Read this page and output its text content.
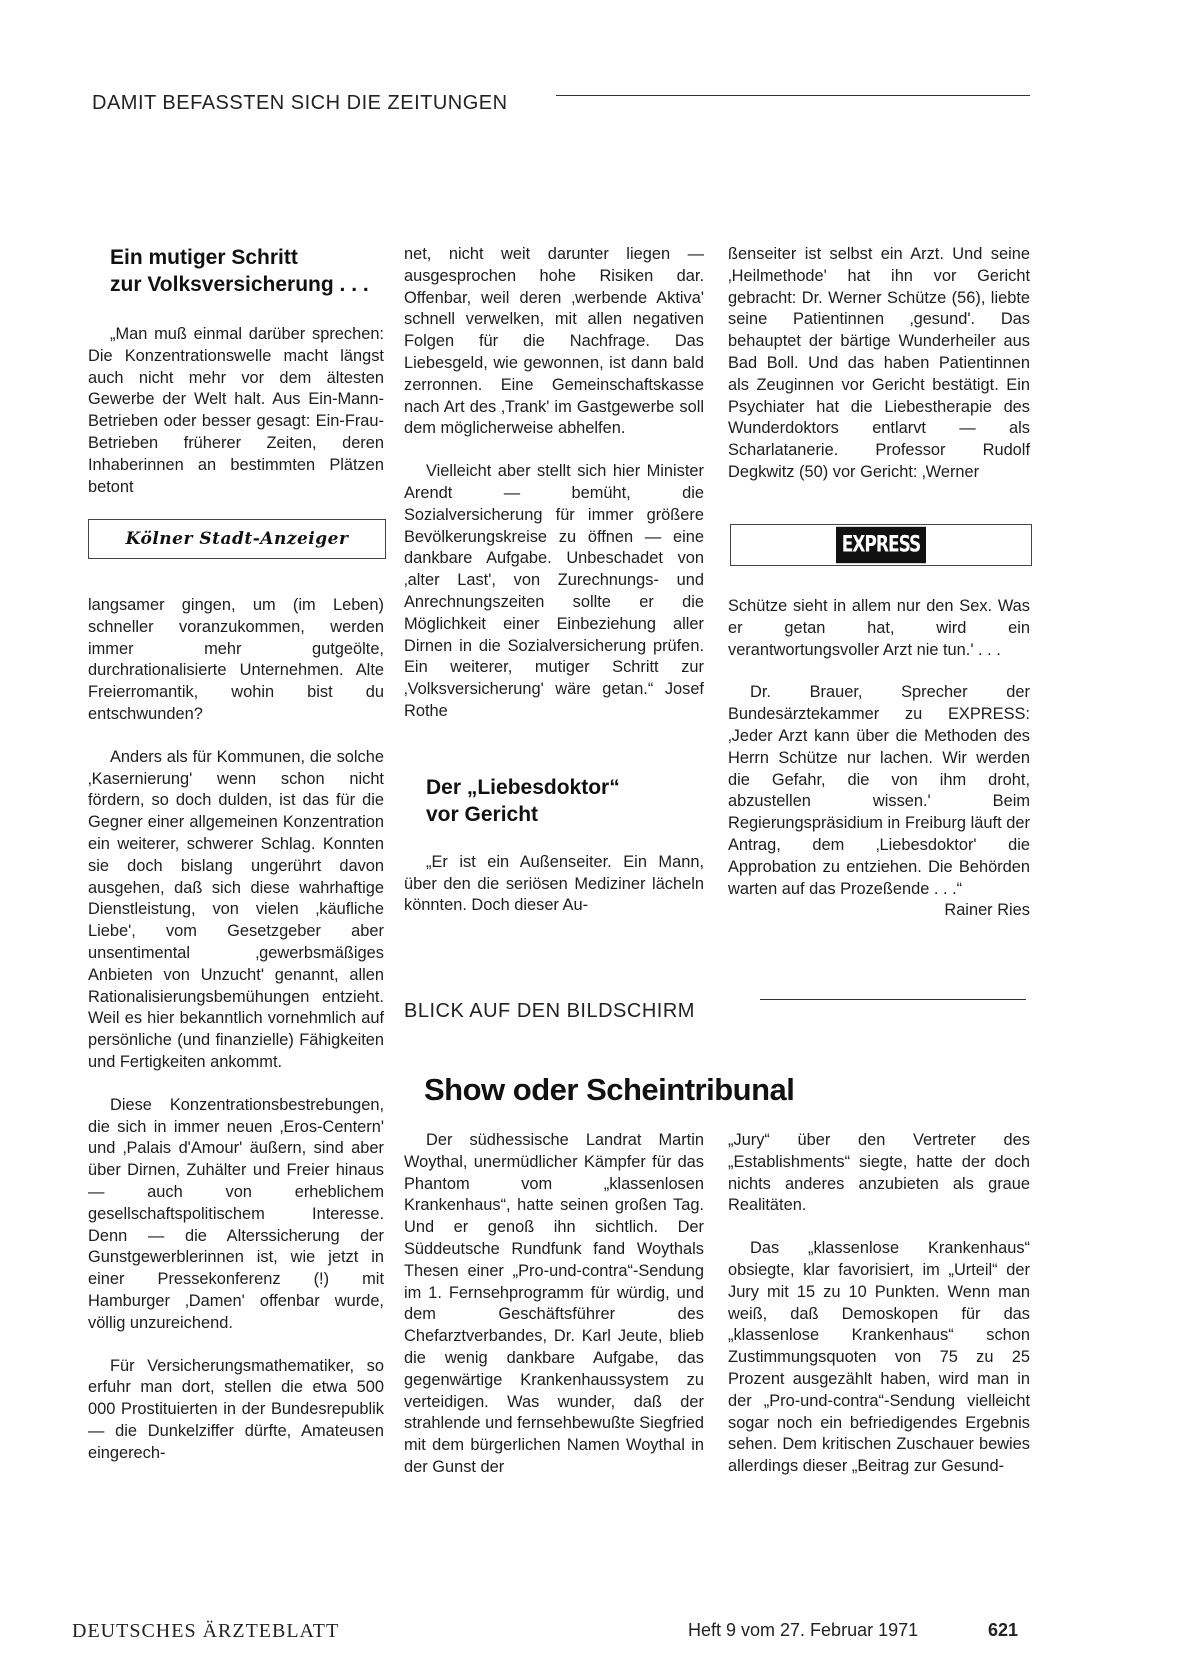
DAMIT BEFASSTEN SICH DIE ZEITUNGEN
Ein mutiger Schritt
zur Volksversicherung . . .

„Man muß einmal darüber sprechen: Die Konzentrationswelle macht längst auch nicht mehr vor dem ältesten Gewerbe der Welt halt. Aus Ein-Mann-Betrieben oder besser gesagt: Ein-Frau-Betrieben früherer Zeiten, deren Inhaberinnen an bestimmten Plätzen betont

Kölner Stadt-Anzeiger

langsamer gingen, um (im Leben) schneller voranzukommen, werden immer mehr gutgeölte, durchrationalisierte Unternehmen. Alte Freierromantik, wohin bist du entschwunden?

Anders als für Kommunen, die solche ‚Kasernierung' wenn schon nicht fördern, so doch dulden, ist das für die Gegner einer allgemeinen Konzentration ein weiterer, schwerer Schlag. Konnten sie doch bislang ungerührt davon ausgehen, daß sich diese wahrhaftige Dienstleistung, von vielen ‚käufliche Liebe', vom Gesetzgeber aber unsentimental ‚gewerbsmäßiges Anbieten von Unzucht' genannt, allen Rationalisierungsbemühungen entzieht. Weil es hier bekanntlich vornehmlich auf persönliche (und finanzielle) Fähigkeiten und Fertigkeiten ankommt.

Diese Konzentrationsbestrebungen, die sich in immer neuen ‚Eros-Centern' und ‚Palais d'Amour' äußern, sind aber über Dirnen, Zuhälter und Freier hinaus — auch von erheblichem gesellschaftspolitischem Interesse. Denn — die Alterssicherung der Gunstgewerblerinnen ist, wie jetzt in einer Pressekonferenz (!) mit Hamburger ‚Damen' offenbar wurde, völlig unzureichend.

Für Versicherungsmathematiker, so erfuhr man dort, stellen die etwa 500 000 Prostituierten in der Bundesrepublik — die Dunkelziffer dürfte, Amateusen eingerech-

net, nicht weit darunter liegen — ausgesprochen hohe Risiken dar. Offenbar, weil deren ‚werbende Aktiva' schnell verwelken, mit allen negativen Folgen für die Nachfrage. Das Liebesgeld, wie gewonnen, ist dann bald zerronnen. Eine Gemeinschaftskasse nach Art des ‚Trank' im Gastgewerbe soll dem möglicherweise abhelfen.

Vielleicht aber stellt sich hier Minister Arendt — bemüht, die Sozialversicherung für immer größere Bevölkerungskreise zu öffnen — eine dankbare Aufgabe. Unbeschadet von ‚alter Last', von Zurechnungs- und Anrechnungszeiten sollte er die Möglichkeit einer Einbeziehung aller Dirnen in die Sozialversicherung prüfen. Ein weiterer, mutiger Schritt zur ‚Volksversicherung' wäre getan.“ Josef Rothe

Der „Liebesdoktor“
vor Gericht

„Er ist ein Außenseiter. Ein Mann, über den die seriösen Mediziner lächeln könnten. Doch dieser Au-

ßenseiter ist selbst ein Arzt. Und seine ‚Heilmethode' hat ihn vor Gericht gebracht: Dr. Werner Schütze (56), liebte seine Patientinnen ‚gesund'. Das behauptet der bärtige Wunderheiler aus Bad Boll. Und das haben Patientinnen als Zeuginnen vor Gericht bestätigt. Ein Psychiater hat die Liebestherapie des Wunderdoktors entlarvt — als Scharlatanerie. Professor Rudolf Degkwitz (50) vor Gericht: ‚Werner

EXPRESS

Schütze sieht in allem nur den Sex. Was er getan hat, wird ein verantwortungsvoller Arzt nie tun.' . . .

Dr. Brauer, Sprecher der Bundesärztekammer zu EXPRESS: ‚Jeder Arzt kann über die Methoden des Herrn Schütze nur lachen. Wir werden die Gefahr, die von ihm droht, abzustellen wissen.' Beim Regierungspräsidium in Freiburg läuft der Antrag, dem ‚Liebesdoktor' die Approbation zu entziehen. Die Behörden warten auf das Prozeßende . . .“
Rainer Ries

BLICK AUF DEN BILDSCHIRM
Show oder Scheintribunal

Der südhessische Landrat Martin Woythal, unermüdlicher Kämpfer für das Phantom vom „klassenlosen Krankenhaus“, hatte seinen großen Tag. Und er genoß ihn sichtlich. Der Süddeutsche Rundfunk fand Woythals Thesen einer „Pro-und-contra“-Sendung im 1. Fernsehprogramm für würdig, und dem Geschäftsführer des Chefarztverbandes, Dr. Karl Jeute, blieb die wenig dankbare Aufgabe, das gegenwärtige Krankenhaussystem zu verteidigen. Was wunder, daß der strahlende und fernsehbewußte Siegfried mit dem bürgerlichen Namen Woythal in der Gunst der

„Jury“ über den Vertreter des „Establishments“ siegte, hatte der doch nichts anderes anzubieten als graue Realitäten.

Das „klassenlose Krankenhaus“ obsiegte, klar favorisiert, im „Urteil“ der Jury mit 15 zu 10 Punkten. Wenn man weiß, daß Demoskopen für das „klassenlose Krankenhaus“ schon Zustimmungsquoten von 75 zu 25 Prozent ausgezählt haben, wird man in der „Pro-und-contra“-Sendung vielleicht sogar noch ein befriedigendes Ergebnis sehen. Dem kritischen Zuschauer bewies allerdings dieser „Beitrag zur Gesund-

DEUTSCHES ÄRZTEBLATT	Heft 9 vom 27. Februar 1971	621
